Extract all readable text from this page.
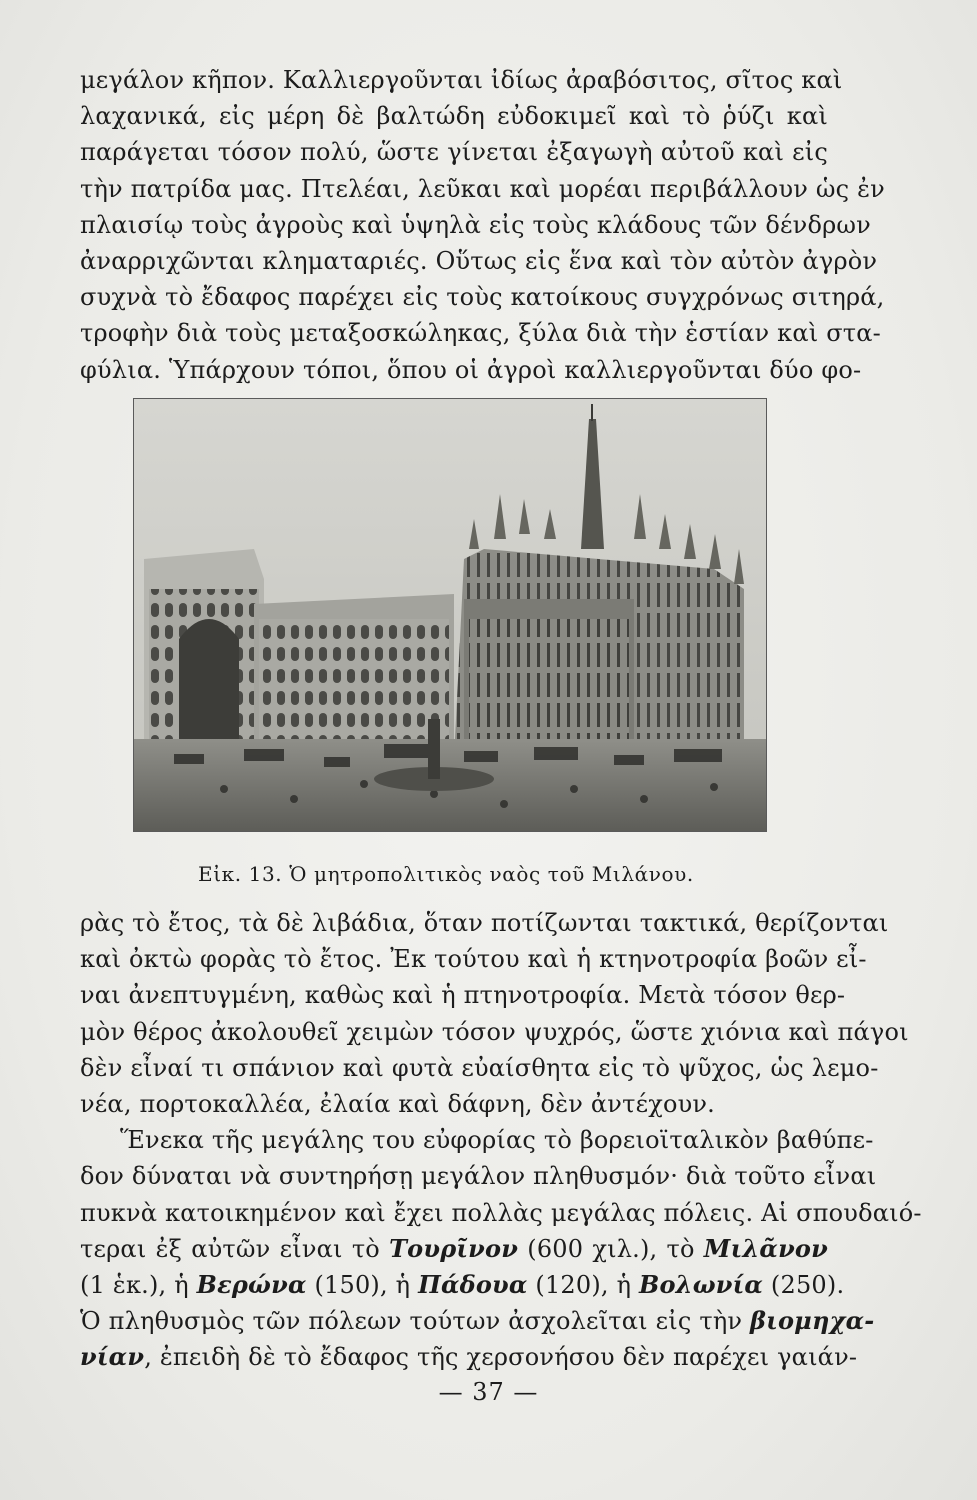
μεγάλον κῆπον. Καλλιεργοῦνται ἰδίως ἀραβόσιτος, σῖτος καὶ
λαχανικά, εἰς μέρη δὲ βαλτώδη εὐδοκιμεῖ καὶ τὸ ῥύζι καὶ
παράγεται τόσον πολύ, ὥστε γίνεται ἐξαγωγὴ αὐτοῦ καὶ εἰς
τὴν πατρίδα μας. Πτελέαι, λεῦκαι καὶ μορέαι περιβάλλουν ὡς ἐν
πλαισίῳ τοὺς ἀγροὺς καὶ ὑψηλὰ εἰς τοὺς κλάδους τῶν δένδρων
ἀναρριχῶνται κληματαριές. Οὕτως εἰς ἕνα καὶ τὸν αὐτὸν ἀγρὸν
συχνὰ τὸ ἔδαφος παρέχει εἰς τοὺς κατοίκους συγχρόνως σιτηρά,
τροφὴν διὰ τοὺς μεταξοσκώληκας, ξύλα διὰ τὴν ἑστίαν καὶ στα-
φύλια. Ὑπάρχουν τόποι, ὅπου οἱ ἀγροὶ καλλιεργοῦνται δύο φο-
Εἰκ. 13. Ὁ μητροπολιτικὸς ναὸς τοῦ Μιλάνου.
ρὰς τὸ ἔτος, τὰ δὲ λιβάδια, ὅταν ποτίζωνται τακτικά, θερίζονται
καὶ ὀκτὼ φορὰς τὸ ἔτος. Ἐκ τούτου καὶ ἡ κτηνοτροφία βοῶν εἶ-
ναι ἀνεπτυγμένη, καθὼς καὶ ἡ πτηνοτροφία. Μετὰ τόσον θερ-
μὸν θέρος ἀκολουθεῖ χειμὼν τόσον ψυχρός, ὥστε χιόνια καὶ πάγοι
δὲν εἶναί τι σπάνιον καὶ φυτὰ εὐαίσθητα εἰς τὸ ψῦχος, ὡς λεμο-
νέα, πορτοκαλλέα, ἐλαία καὶ δάφνη, δὲν ἀντέχουν.
Ἕνεκα τῆς μεγάλης του εὐφορίας τὸ βορειοϊταλικὸν βαθύπε-
δον δύναται νὰ συντηρήσῃ μεγάλον πληθυσμόν· διὰ τοῦτο εἶναι
πυκνὰ κατοικημένον καὶ ἔχει πολλὰς μεγάλας πόλεις. Αἱ σπουδαιό-
τεραι ἐξ αὐτῶν εἶναι τὸ Τουρῖνον (600 χιλ.), τὸ Μιλᾶνον
(1 ἑκ.), ἡ Βερώνα (150), ἡ Πάδουα (120), ἡ Βολωνία (250).
Ὁ πληθυσμὸς τῶν πόλεων τούτων ἀσχολεῖται εἰς τὴν βιομηχα-
νίαν, ἐπειδὴ δὲ τὸ ἔδαφος τῆς χερσονήσου δὲν παρέχει γαιάν-
— 37 —
